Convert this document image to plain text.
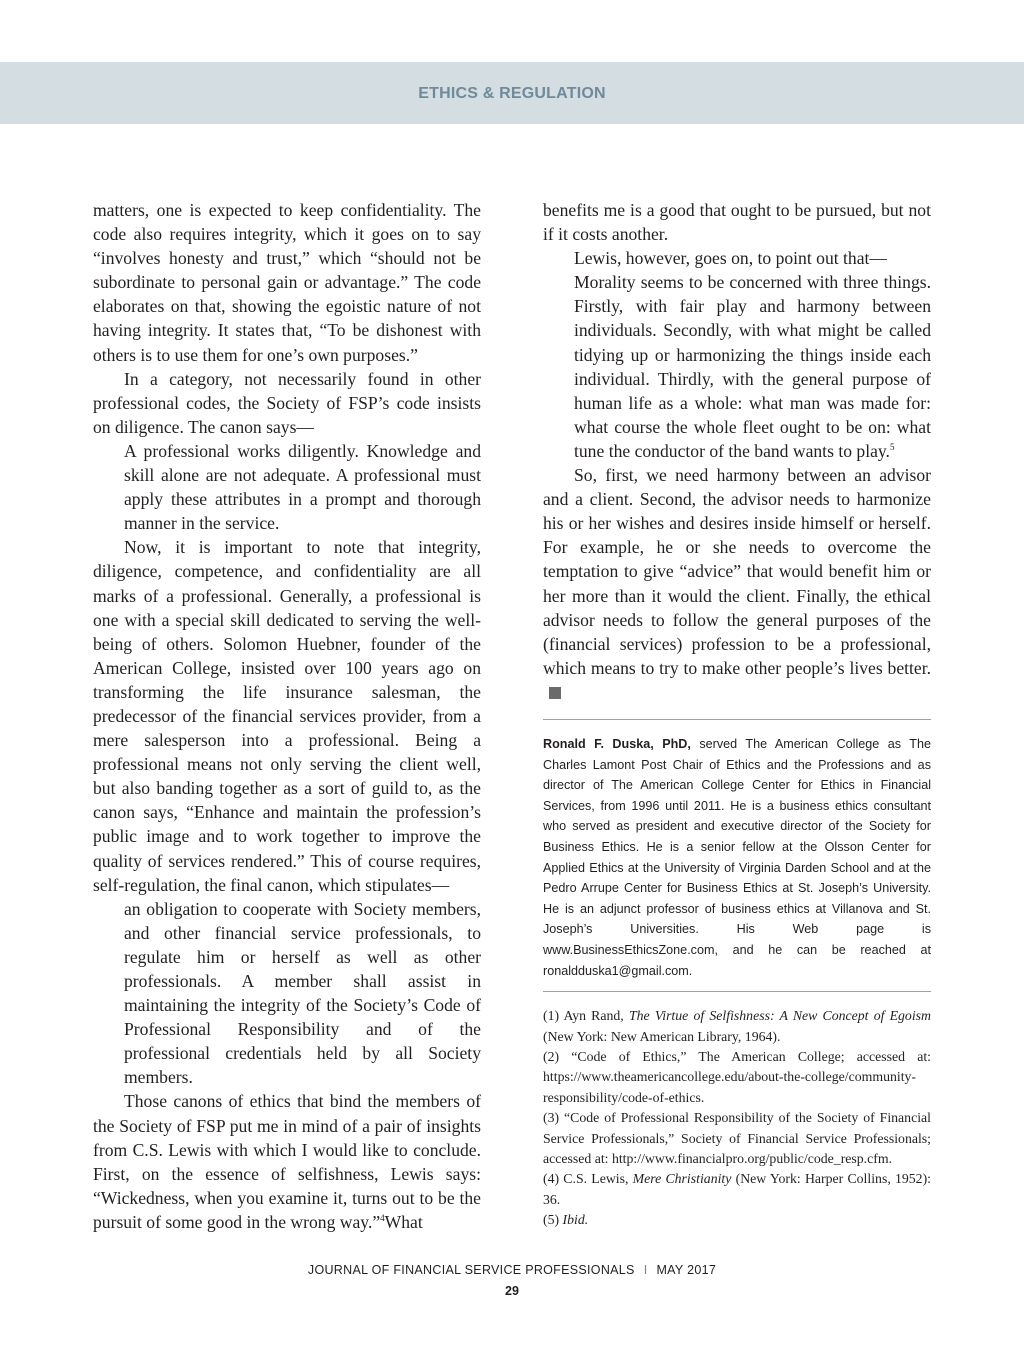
ETHICS & REGULATION

matters, one is expected to keep confidentiality. The code also requires integrity, which it goes on to say “involves honesty and trust,” which “should not be subordinate to personal gain or advantage.” The code elaborates on that, showing the egoistic nature of not having integrity. It states that, “To be dishonest with others is to use them for one’s own purposes.”

In a category, not necessarily found in other professional codes, the Society of FSP’s code insists on diligence. The canon says—

A professional works diligently. Knowledge and skill alone are not adequate. A professional must apply these attributes in a prompt and thorough manner in the service.

Now, it is important to note that integrity, diligence, competence, and confidentiality are all marks of a professional. Generally, a professional is one with a special skill dedicated to serving the well-being of others. Solomon Huebner, founder of the American College, insisted over 100 years ago on transforming the life insurance salesman, the predecessor of the financial services provider, from a mere salesperson into a professional. Being a professional means not only serving the client well, but also banding together as a sort of guild to, as the canon says, “Enhance and maintain the profession’s public image and to work together to improve the quality of services rendered.” This of course requires, self-regulation, the final canon, which stipulates—

an obligation to cooperate with Society members, and other financial service professionals, to regulate him or herself as well as other professionals. A member shall assist in maintaining the integrity of the Society’s Code of Professional Responsibility and of the professional credentials held by all Society members.

Those canons of ethics that bind the members of the Society of FSP put me in mind of a pair of insights from C.S. Lewis with which I would like to conclude. First, on the essence of selfishness, Lewis says: “Wickedness, when you examine it, turns out to be the pursuit of some good in the wrong way.”$^4$What

benefits me is a good that ought to be pursued, but not if it costs another.

Lewis, however, goes on, to point out that—

Morality seems to be concerned with three things. Firstly, with fair play and harmony between individuals. Secondly, with what might be called tidying up or harmonizing the things inside each individual. Thirdly, with the general purpose of human life as a whole: what man was made for: what course the whole fleet ought to be on: what tune the conductor of the band wants to play.$^5$

So, first, we need harmony between an advisor and a client. Second, the advisor needs to harmonize his or her wishes and desires inside himself or herself. For example, he or she needs to overcome the temptation to give “advice” that would benefit him or her more than it would the client. Finally, the ethical advisor needs to follow the general purposes of the (financial services) profession to be a professional, which means to try to make other people’s lives better.

Ronald F. Duska, PhD, served The American College as The Charles Lamont Post Chair of Ethics and the Professions and as director of The American College Center for Ethics in Financial Services, from 1996 until 2011. He is a business ethics consultant who served as president and executive director of the Society for Business Ethics. He is a senior fellow at the Olsson Center for Applied Ethics at the University of Virginia Darden School and at the Pedro Arrupe Center for Business Ethics at St. Joseph’s University. He is an adjunct professor of business ethics at Villanova and St. Joseph’s Universities. His Web page is www.BusinessEthicsZone.com, and he can be reached at ronaldduska1@gmail.com.

(1) Ayn Rand, The Virtue of Selfishness: A New Concept of Egoism (New York: New American Library, 1964).

(2) “Code of Ethics,” The American College; accessed at: https://www.theamericancollege.edu/about-the-college/community-responsibility/code-of-ethics.

(3) “Code of Professional Responsibility of the Society of Financial Service Professionals,” Society of Financial Service Professionals; accessed at: http://www.financialpro.org/public/code_resp.cfm.

(4) C.S. Lewis, Mere Christianity (New York: Harper Collins, 1952): 36.

(5) Ibid.

JOURNAL OF FINANCIAL SERVICE PROFESSIONALS I MAY 2017
29
